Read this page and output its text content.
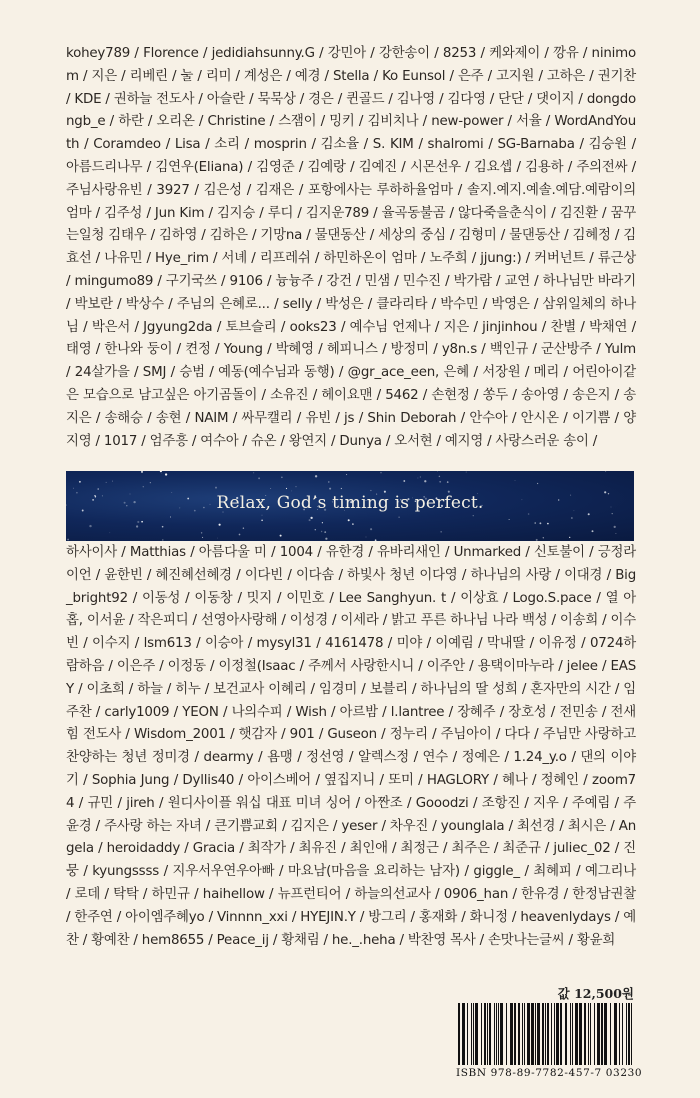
kohey789 / Florence / jedidiahsunny.G / 강민아 / 강한송이 / 8253 / 케와제이 / 깡유 / ninimom / 지은 / 리베린 / 눌 / 리미 / 계성은 / 예경 / Stella / Ko Eunsol / 은주 / 고지원 / 고하은 / 권기찬 / KDE / 권하늘 전도사 / 아슬란 / 묵묵상 / 경은 / 퀸골드 / 김나영 / 김다영 / 단단 / 댓이지 / dongdongb_e / 하란 / 오리온 / Christine / 스잼이 / 밍키 / 김비치나 / new-power / 서율 / WordAndYouth / Coramdeo / Lisa / 소리 / mosprin / 김소율 / S. KIM / shalromi / SG-Barnaba / 김승원 / 아름드리나무 / 김연우(Eliana) / 김영준 / 김예랑 / 김예진 / 시몬선우 / 김요셉 / 김용하 / 주의전싸 / 주님사랑유빈 / 3927 / 김은성 / 김재은 / 포항에사는 루하하율엄마 / 솔지.예지.예솔.예담.예람이의 엄마 / 김주성 / Jun Kim / 김지승 / 루디 / 김지운789 / 율곡동불곰 / 않다죽을춘식이 / 김진환 / 꿈꾸는일청 김태우 / 김하영 / 김하은 / 기망na / 물댄동산 / 세상의 중심 / 김형미 / 물댄동산 / 김혜정 / 김효선 / 나유민 / Hye_rim / 서녜 / 리프레쉬 / 하민하온이 엄마 / 노주희 / jjung:) / 커버넌트 / 류근상 / mingumo89 / 구기국쓰 / 9106 / 늉늉주 / 강건 / 민샘 / 민수진 / 박가람 / 교연 / 하나님만 바라기 / 박보란 / 박상수 / 주님의 은혜로... / selly / 박성은 / 클라리타 / 박수민 / 박영은 / 삼위일체의 하나님 / 박은서 / Jgyung2da / 토브슬리 / ooks23 / 예수님 언제나 / 지은 / jinjinhou / 찬별 / 박채연 / 태영 / 한나와 둥이 / 켠정 / Young / 박혜영 / 헤피니스 / 방정미 / y8n.s / 백인규 / 군산방주 / Yulm / 24살가을 / SMJ / 승범 / 예동(예수님과 동행) / @gr_ace_een, 은혜 / 서장원 / 메리 / 어린아이같은 모습으로 남고싶은 아기곰돌이 / 소유진 / 헤이요맨 / 5462 / 손현정 / 쏭두 / 송아영 / 송은지 / 송지은 / 송해승 / 송현 / NAIM / 싸무캘리 / 유빈 / js / Shin Deborah / 안수아 / 안시온 / 이기쁨 / 양지영 / 1017 / 엄주흥 / 여수아 / 슈온 / 왕연지 / Dunya / 오서현 / 예지영 / 사랑스러운 송이 /
Relax, God’s timing is perfect.
하사이사 / Matthias / 아름다울 미 / 1004 / 유한경 / 유바리새인 / Unmarked / 신토불이 / 긍정라이언 / 윤한빈 / 혜진혜선혜경 / 이다빈 / 이다솜 / 하빛사 청년 이다영 / 하나님의 사랑 / 이대경 / Big_bright92 / 이동성 / 이동창 / 밋지 / 이민호 / Lee Sanghyun. t / 이상효 / Logo.S.pace / 열 아홉, 이서윤 / 작은피디 / 선영아사랑해 / 이성경 / 이세라 / 밝고 푸른 하나님 나라 백성 / 이송희 / 이수빈 / 이수지 / lsm613 / 이승아 / mysyl31 / 4161478 / 미야 / 이예림 / 막내딸 / 이유정 / 0724하람하음 / 이은주 / 이정동 / 이정철(Isaac / 주께서 사랑한시니 / 이주안 / 용택이마누라 / jelee / EASY / 이초희 / 하늘 / 히누 / 보건교사 이혜리 / 임경미 / 보블리 / 하나님의 딸 성희 / 혼자만의 시간 / 임주찬 / carly1009 / YEON / 나의수피 / Wish / 아르밤 / l.lantree / 장혜주 / 장호성 / 전민송 / 전새힘 전도사 / Wisdom_2001 / 햇감자 / 901 / Guseon / 정누리 / 주님아이 / 다다 / 주님만 사랑하고 찬양하는 청년 정미경 / dearmy / 욤맹 / 정선영 / 알렉스정 / 연수 / 정예은 / 1.24_y.o / 댄의 이야기 / Sophia Jung / Dyllis40 / 아이스베어 / 옆집지니 / 또미 / HAGLORY / 혜나 / 정혜인 / zoom74 / 규민 / jireh / 원디사이플 워십 대표 미녀 싱어 / 아짠조 / Gooodzi / 조항진 / 지우 / 주예림 / 주윤경 / 주사랑 하는 자녀 / 큰기쁨교회 / 김지은 / yeser / 차우진 / younglala / 최선경 / 최시은 / Angela / heroidaddy / Gracia / 최작가 / 최유진 / 최인애 / 최정근 / 최주은 / 최준규 / juliec_02 / 진뭉 / kyungssss / 지우서우연우아빠 / 마요남(마음을 요리하는 남자) / giggle_ / 최혜피 / 예그리나 / 로데 / 탁탁 / 하민규 / haihellow / 뉴프런티어 / 하늘의선교사 / 0906_han / 한유경 / 한정남권찰 / 한주연 / 아이엠주혜yo / Vinnnn_xxi / HYEJIN.Y / 방그리 / 홍재화 / 화니정 / heavenlydays / 예찬 / 황예찬 / hem8655 / Peace_ij / 황채림 / he._.heha / 박찬영 목사 / 손맛나는글씨 / 황윤희
값 12,500원
ISBN 978-89-7782-457-7 03230
